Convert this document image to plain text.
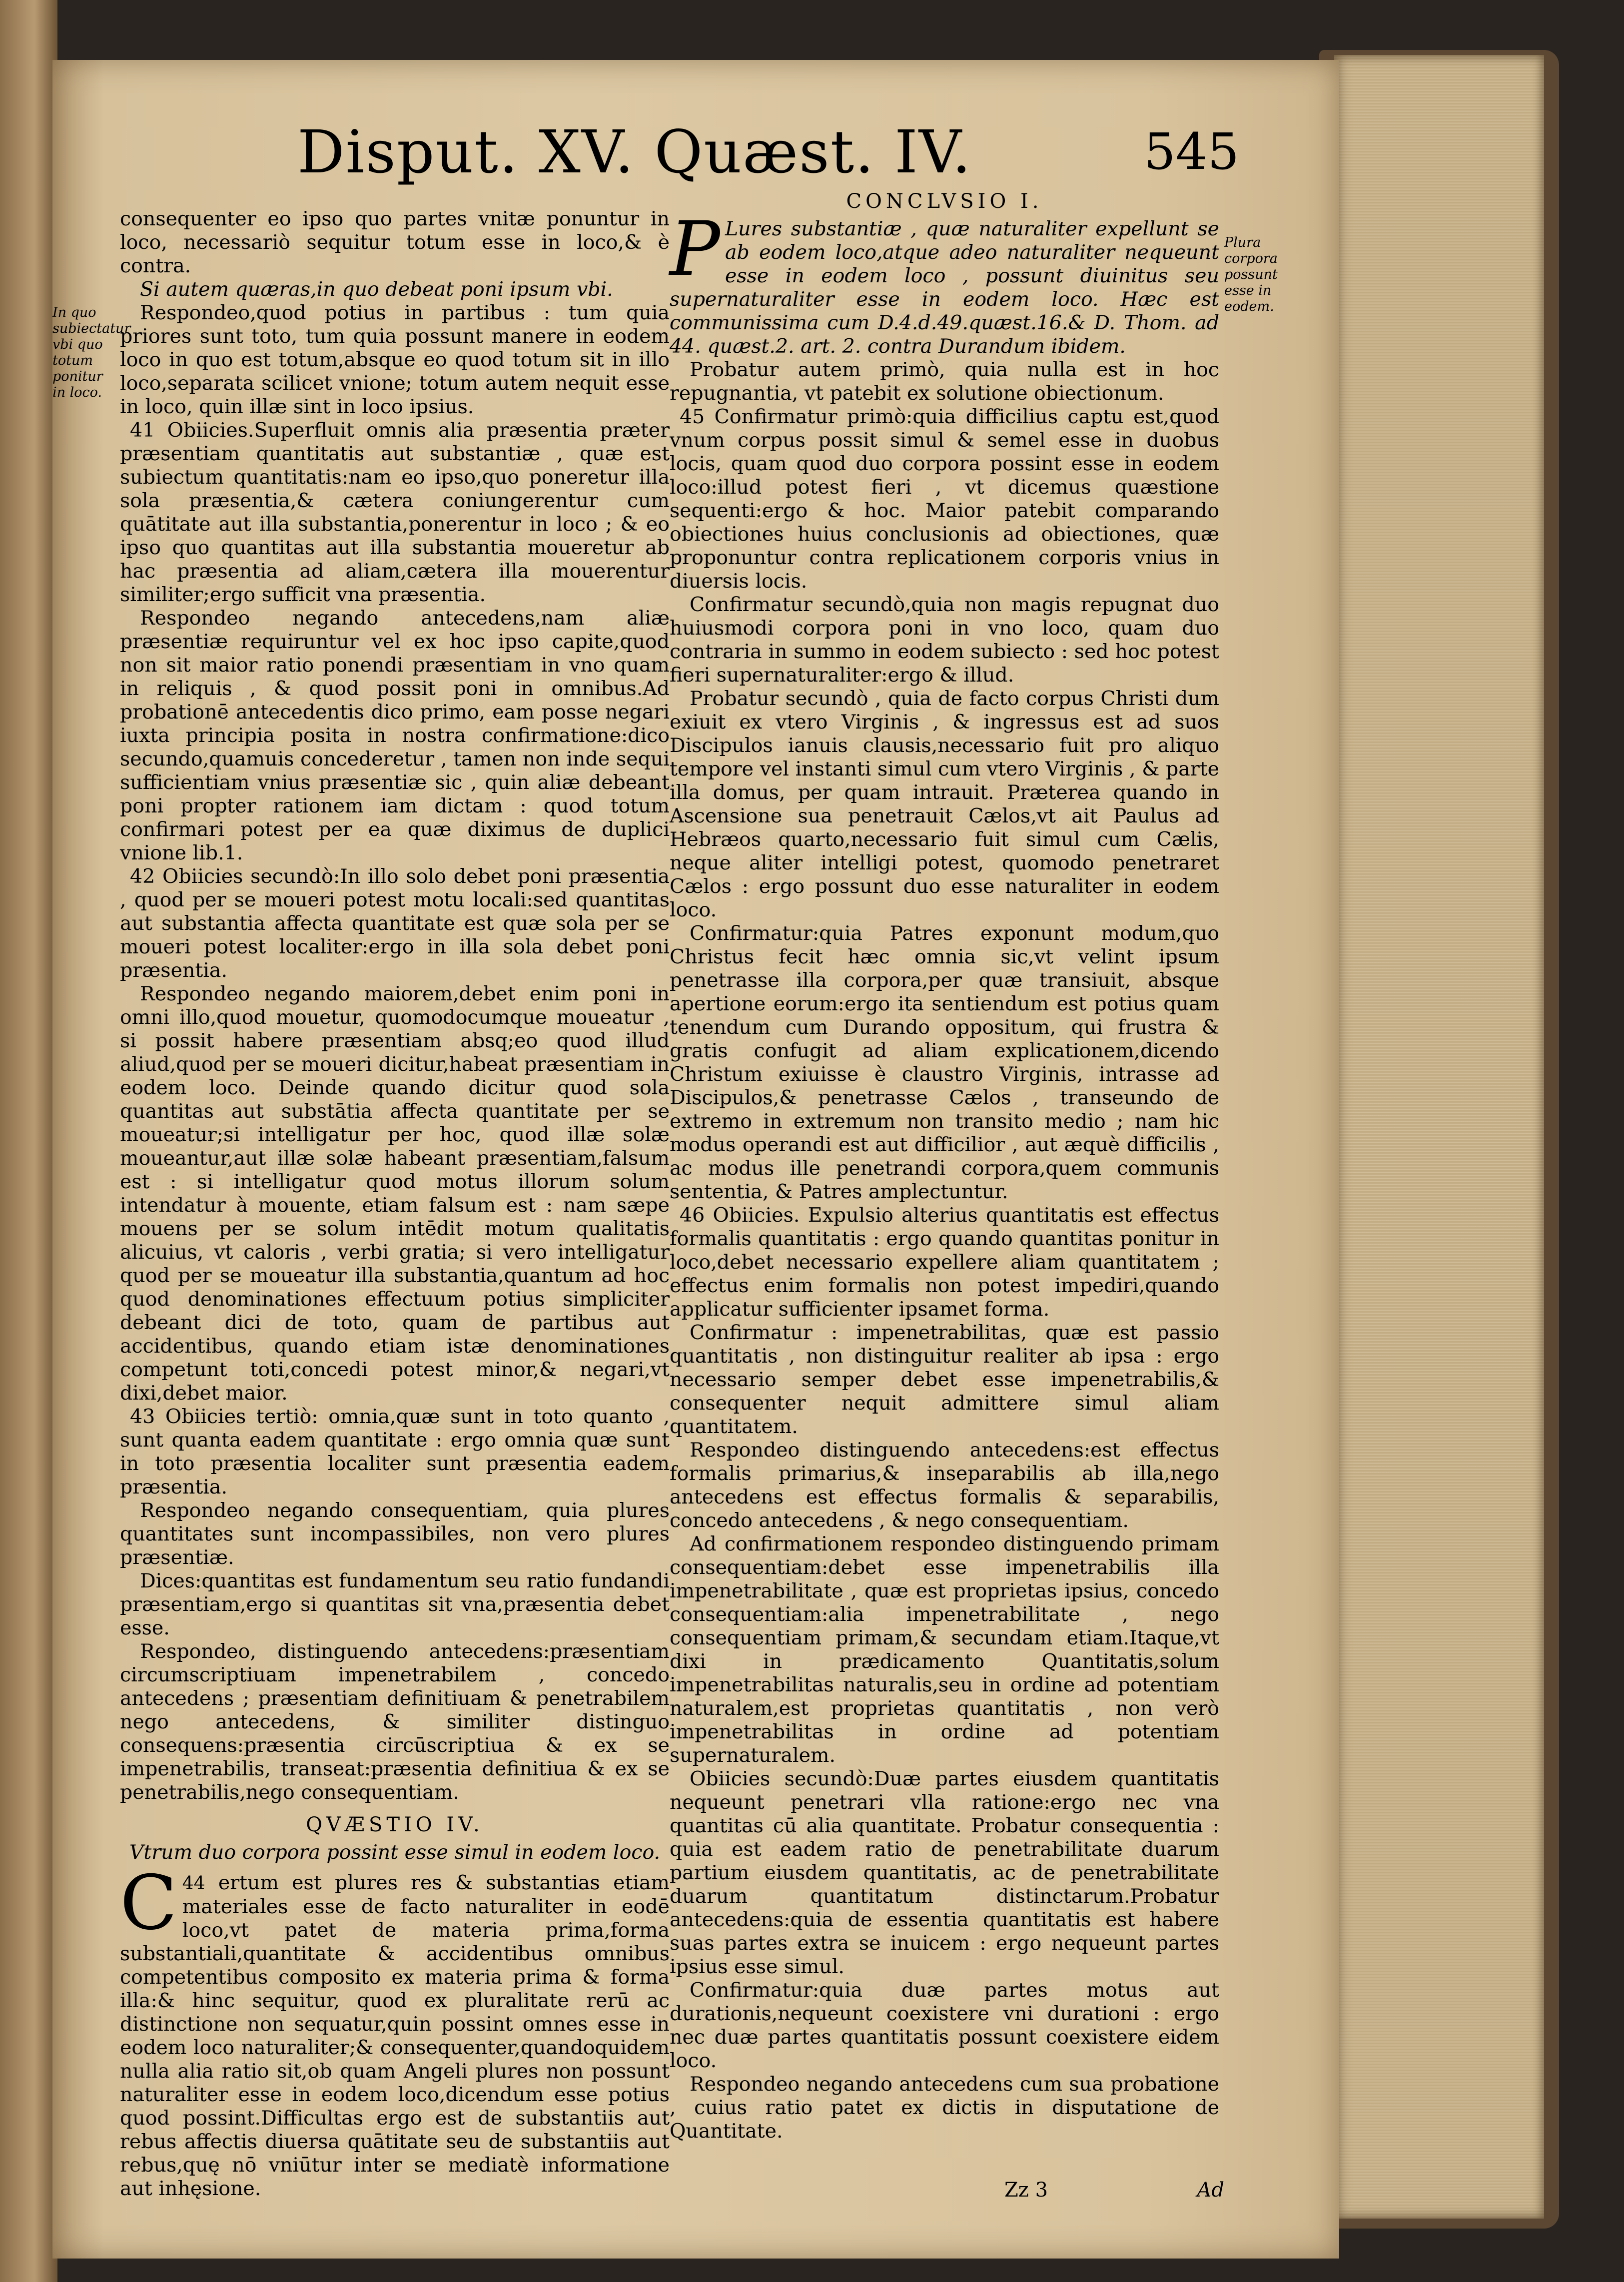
Disput. XV. Quæst. IV.	545
In quo subiectatur vbi quo totum ponitur in loco.
Plura corpora possunt esse in eodem.

consequenter eo ipso quo partes vnitæ ponuntur in loco, necessariò sequitur totum esse in loco,& è contra.

Si autem quæras,in quo debeat poni ipsum vbi.

Respondeo,quod potius in partibus : tum quia priores sunt toto, tum quia possunt manere in eodem loco in quo est totum,absque eo quod totum sit in illo loco,separata scilicet vnione; totum autem nequit esse in loco, quin illæ sint in loco ipsius.

41 Obiicies.Superfluit omnis alia præsentia præter præsentiam quantitatis aut substantiæ , quæ est subiectum quantitatis:nam eo ipso,quo poneretur illa sola præsentia,& cætera coniungerentur cum quātitate aut illa substantia,ponerentur in loco ; & eo ipso quo quantitas aut illa substantia moueretur ab hac præsentia ad aliam,cætera illa mouerentur similiter;ergo sufficit vna præsentia.

Respondeo negando antecedens,nam aliæ præsentiæ requiruntur vel ex hoc ipso capite,quod non sit maior ratio ponendi præsentiam in vno quam in reliquis , & quod possit poni in omnibus.Ad probationē antecedentis dico primo, eam posse negari iuxta principia posita in nostra confirmatione:dico secundo,quamuis concederetur , tamen non inde sequi sufficientiam vnius præsentiæ sic , quin aliæ debeant poni propter rationem iam dictam : quod totum confirmari potest per ea quæ diximus de duplici vnione lib.1.

42 Obiicies secundò:In illo solo debet poni præsentia , quod per se moueri potest motu locali:sed quantitas aut substantia affecta quantitate est quæ sola per se moueri potest localiter:ergo in illa sola debet poni præsentia.

Respondeo negando maiorem,debet enim poni in omni illo,quod mouetur, quomodocumque moueatur , si possit habere præsentiam absq;eo quod illud aliud,quod per se moueri dicitur,habeat præsentiam in eodem loco. Deinde quando dicitur quod sola quantitas aut substātia affecta quantitate per se moueatur;si intelligatur per hoc, quod illæ solæ moueantur,aut illæ solæ habeant præsentiam,falsum est : si intelligatur quod motus illorum solum intendatur à mouente, etiam falsum est : nam sæpe mouens per se solum intēdit motum qualitatis alicuius, vt caloris , verbi gratia; si vero intelligatur quod per se moueatur illa substantia,quantum ad hoc quod denominationes effectuum potius simpliciter debeant dici de toto, quam de partibus aut accidentibus, quando etiam istæ denominationes competunt toti,concedi potest minor,& negari,vt dixi,debet maior.

43 Obiicies tertiò: omnia,quæ sunt in toto quanto , sunt quanta eadem quantitate : ergo omnia quæ sunt in toto præsentia localiter sunt præsentia eadem præsentia.

Respondeo negando consequentiam, quia plures quantitates sunt incompassibiles, non vero plures præsentiæ.

Dices:quantitas est fundamentum seu ratio fundandi præsentiam,ergo si quantitas sit vna,præsentia debet esse.

Respondeo, distinguendo antecedens:præsentiam circumscriptiuam impenetrabilem , concedo antecedens ; præsentiam definitiuam & penetrabilem nego antecedens, & similiter distinguo consequens:præsentia circūscriptiua & ex se impenetrabilis, transeat:præsentia definitiua & ex se penetrabilis,nego consequentiam.

QVÆSTIO IV.

Vtrum duo corpora possint esse simul in eodem loco.

44
C ertum est plures res & substantias etiam materiales esse de facto naturaliter in eodē loco,vt patet de materia prima,forma substantiali,quantitate & accidentibus omnibus competentibus composito ex materia prima & forma illa:& hinc sequitur, quod ex pluralitate rerū ac distinctione non sequatur,quin possint omnes esse in eodem loco naturaliter;& consequenter,quandoquidem nulla alia ratio sit,ob quam Angeli plures non possunt naturaliter esse in eodem loco,dicendum esse potius quod possint.Difficultas ergo est de substantiis aut rebus affectis diuersa quātitate seu de substantiis aut rebus,quę nō vniūtur inter se mediatè informatione aut inhęsione.

CONCLVSIO I.

P Lures substantiæ , quæ naturaliter expellunt se ab eodem loco,atque adeo naturaliter nequeunt esse in eodem loco , possunt diuinitus seu supernaturaliter esse in eodem loco. Hæc est communissima cum D.4.d.49.quæst.16.& D. Thom. ad 44. quæst.2. art. 2. contra Durandum ibidem.

Probatur autem primò, quia nulla est in hoc repugnantia, vt patebit ex solutione obiectionum.

45 Confirmatur primò:quia difficilius captu est,quod vnum corpus possit simul & semel esse in duobus locis, quam quod duo corpora possint esse in eodem loco:illud potest fieri , vt dicemus quæstione sequenti:ergo & hoc. Maior patebit comparando obiectiones huius conclusionis ad obiectiones, quæ proponuntur contra replicationem corporis vnius in diuersis locis.

Confirmatur secundò,quia non magis repugnat duo huiusmodi corpora poni in vno loco, quam duo contraria in summo in eodem subiecto : sed hoc potest fieri supernaturaliter:ergo & illud.

Probatur secundò , quia de facto corpus Christi dum exiuit ex vtero Virginis , & ingressus est ad suos Discipulos ianuis clausis,necessario fuit pro aliquo tempore vel instanti simul cum vtero Virginis , & parte illa domus, per quam intrauit. Præterea quando in Ascensione sua penetrauit Cælos,vt ait Paulus ad Hebræos quarto,necessario fuit simul cum Cælis, neque aliter intelligi potest, quomodo penetraret Cælos : ergo possunt duo esse naturaliter in eodem loco.

Confirmatur:quia Patres exponunt modum,quo Christus fecit hæc omnia sic,vt velint ipsum penetrasse illa corpora,per quæ transiuit, absque apertione eorum:ergo ita sentiendum est potius quam tenendum cum Durando oppositum, qui frustra & gratis confugit ad aliam explicationem,dicendo Christum exiuisse è claustro Virginis, intrasse ad Discipulos,& penetrasse Cælos , transeundo de extremo in extremum non transito medio ; nam hic modus operandi est aut difficilior , aut æquè difficilis , ac modus ille penetrandi corpora,quem communis sententia, & Patres amplectuntur.

46 Obiicies. Expulsio alterius quantitatis est effectus formalis quantitatis : ergo quando quantitas ponitur in loco,debet necessario expellere aliam quantitatem ; effectus enim formalis non potest impediri,quando applicatur sufficienter ipsamet forma.

Confirmatur : impenetrabilitas, quæ est passio quantitatis , non distinguitur realiter ab ipsa : ergo necessario semper debet esse impenetrabilis,& consequenter nequit admittere simul aliam quantitatem.

Respondeo distinguendo antecedens:est effectus formalis primarius,& inseparabilis ab illa,nego antecedens est effectus formalis & separabilis, concedo antecedens , & nego consequentiam.

Ad confirmationem respondeo distinguendo primam consequentiam:debet esse impenetrabilis illa impenetrabilitate , quæ est proprietas ipsius, concedo consequentiam:alia impenetrabilitate , nego consequentiam primam,& secundam etiam.Itaque,vt dixi in prædicamento Quantitatis,solum impenetrabilitas naturalis,seu in ordine ad potentiam naturalem,est proprietas quantitatis , non verò impenetrabilitas in ordine ad potentiam supernaturalem.

Obiicies secundò:Duæ partes eiusdem quantitatis nequeunt penetrari vlla ratione:ergo nec vna quantitas cū alia quantitate. Probatur consequentia : quia est eadem ratio de penetrabilitate duarum partium eiusdem quantitatis, ac de penetrabilitate duarum quantitatum distinctarum.Probatur antecedens:quia de essentia quantitatis est habere suas partes extra se inuicem : ergo nequeunt partes ipsius esse simul.

Confirmatur:quia duæ partes motus aut durationis,nequeunt coexistere vni durationi : ergo nec duæ partes quantitatis possunt coexistere eidem loco.

Respondeo negando antecedens cum sua probatione , cuius ratio patet ex dictis in disputatione de Quantitate.

Zz 3	Ad
